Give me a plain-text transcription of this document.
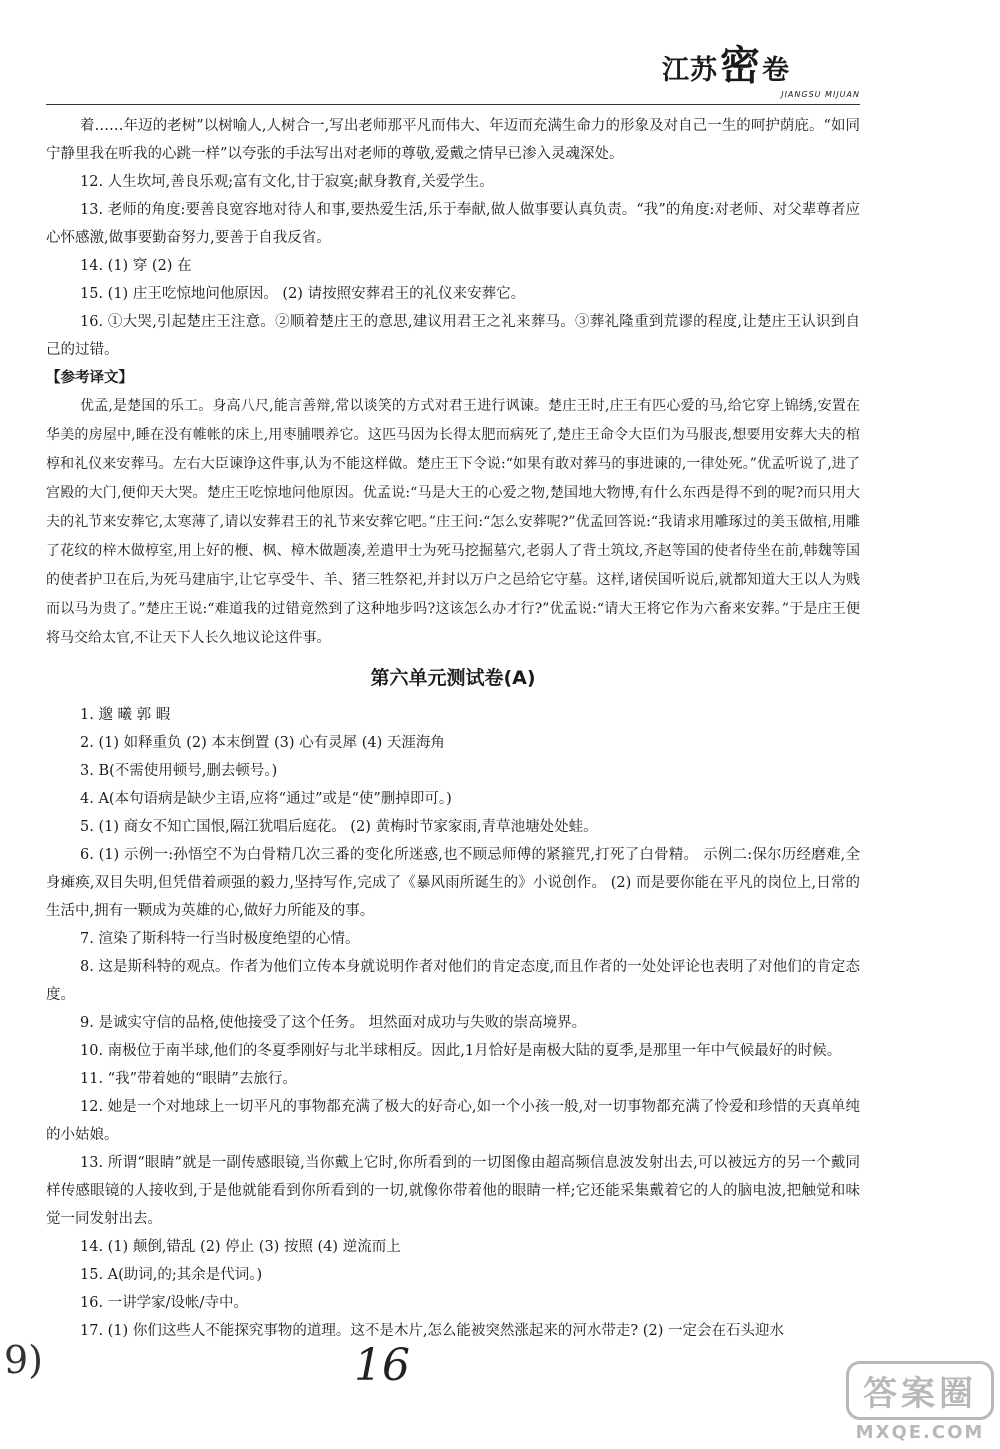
江苏 密 卷
JIANGSU MIJUAN

着……年迈的老树”以树喻人,人树合一,写出老师那平凡而伟大、年迈而充满生命力的形象及对自己一生的呵护荫庇。“如同宁静里我在听我的心跳一样”以夸张的手法写出对老师的尊敬,爱戴之情早已渗入灵魂深处。

12. 人生坎坷,善良乐观;富有文化,甘于寂寞;献身教育,关爱学生。

13. 老师的角度:要善良宽容地对待人和事,要热爱生活,乐于奉献,做人做事要认真负责。“我”的角度:对老师、对父辈尊者应心怀感激,做事要勤奋努力,要善于自我反省。

14. (1) 穿 (2) 在

15. (1) 庄王吃惊地问他原因。 (2) 请按照安葬君王的礼仪来安葬它。

16. ①大哭,引起楚庄王注意。②顺着楚庄王的意思,建议用君王之礼来葬马。③葬礼隆重到荒谬的程度,让楚庄王认识到自己的过错。

【参考译文】

优孟,是楚国的乐工。身高八尺,能言善辩,常以谈笑的方式对君王进行讽谏。楚庄王时,庄王有匹心爱的马,给它穿上锦绣,安置在华美的房屋中,睡在没有帷帐的床上,用枣脯喂养它。这匹马因为长得太肥而病死了,楚庄王命令大臣们为马服丧,想要用安葬大夫的棺椁和礼仪来安葬马。左右大臣谏诤这件事,认为不能这样做。楚庄王下令说:“如果有敢对葬马的事进谏的,一律处死。”优孟听说了,进了宫殿的大门,便仰天大哭。楚庄王吃惊地问他原因。优孟说:“马是大王的心爱之物,楚国地大物博,有什么东西是得不到的呢?而只用大夫的礼节来安葬它,太寒薄了,请以安葬君王的礼节来安葬它吧。”庄王问:“怎么安葬呢?”优孟回答说:“我请求用雕琢过的美玉做棺,用雕了花纹的梓木做椁室,用上好的楩、枫、樟木做题凑,差遣甲士为死马挖掘墓穴,老弱人了背土筑坟,齐赵等国的使者侍坐在前,韩魏等国的使者护卫在后,为死马建庙宇,让它享受牛、羊、猪三牲祭祀,并封以万户之邑给它守墓。这样,诸侯国听说后,就都知道大王以人为贱而以马为贵了。”楚庄王说:“难道我的过错竟然到了这种地步吗?这该怎么办才行?”优孟说:“请大王将它作为六畜来安葬。”于是庄王便将马交给太官,不让天下人长久地议论这件事。

第六单元测试卷(A)

1. 邈 曦 郭 暇

2. (1) 如释重负 (2) 本末倒置 (3) 心有灵犀 (4) 天涯海角

3. B(不需使用顿号,删去顿号。)

4. A(本句语病是缺少主语,应将“通过”或是“使”删掉即可。)

5. (1) 商女不知亡国恨,隔江犹唱后庭花。 (2) 黄梅时节家家雨,青草池塘处处蛙。

6. (1) 示例一:孙悟空不为白骨精几次三番的变化所迷惑,也不顾忌师傅的紧箍咒,打死了白骨精。 示例二:保尔历经磨难,全身瘫痪,双目失明,但凭借着顽强的毅力,坚持写作,完成了《暴风雨所诞生的》小说创作。 (2) 而是要你能在平凡的岗位上,日常的生活中,拥有一颗成为英雄的心,做好力所能及的事。

7. 渲染了斯科特一行当时极度绝望的心情。

8. 这是斯科特的观点。作者为他们立传本身就说明作者对他们的肯定态度,而且作者的一处处评论也表明了对他们的肯定态度。

9. 是诚实守信的品格,使他接受了这个任务。 坦然面对成功与失败的崇高境界。

10. 南极位于南半球,他们的冬夏季刚好与北半球相反。因此,1月恰好是南极大陆的夏季,是那里一年中气候最好的时候。

11. “我”带着她的“眼睛”去旅行。

12. 她是一个对地球上一切平凡的事物都充满了极大的好奇心,如一个小孩一般,对一切事物都充满了怜爱和珍惜的天真单纯的小姑娘。

13. 所谓“眼睛”就是一副传感眼镜,当你戴上它时,你所看到的一切图像由超高频信息波发射出去,可以被远方的另一个戴同样传感眼镜的人接收到,于是他就能看到你所看到的一切,就像你带着他的眼睛一样;它还能采集戴着它的人的脑电波,把触觉和味觉一同发射出去。

14. (1) 颠倒,错乱 (2) 停止 (3) 按照 (4) 逆流而上

15. A(助词,的;其余是代词。)

16. 一讲学家/设帐/寺中。

17. (1) 你们这些人不能探究事物的道理。这不是木片,怎么能被突然涨起来的河水带走? (2) 一定会在石头迎水

9)	16
答案圈
MXQE.COM
